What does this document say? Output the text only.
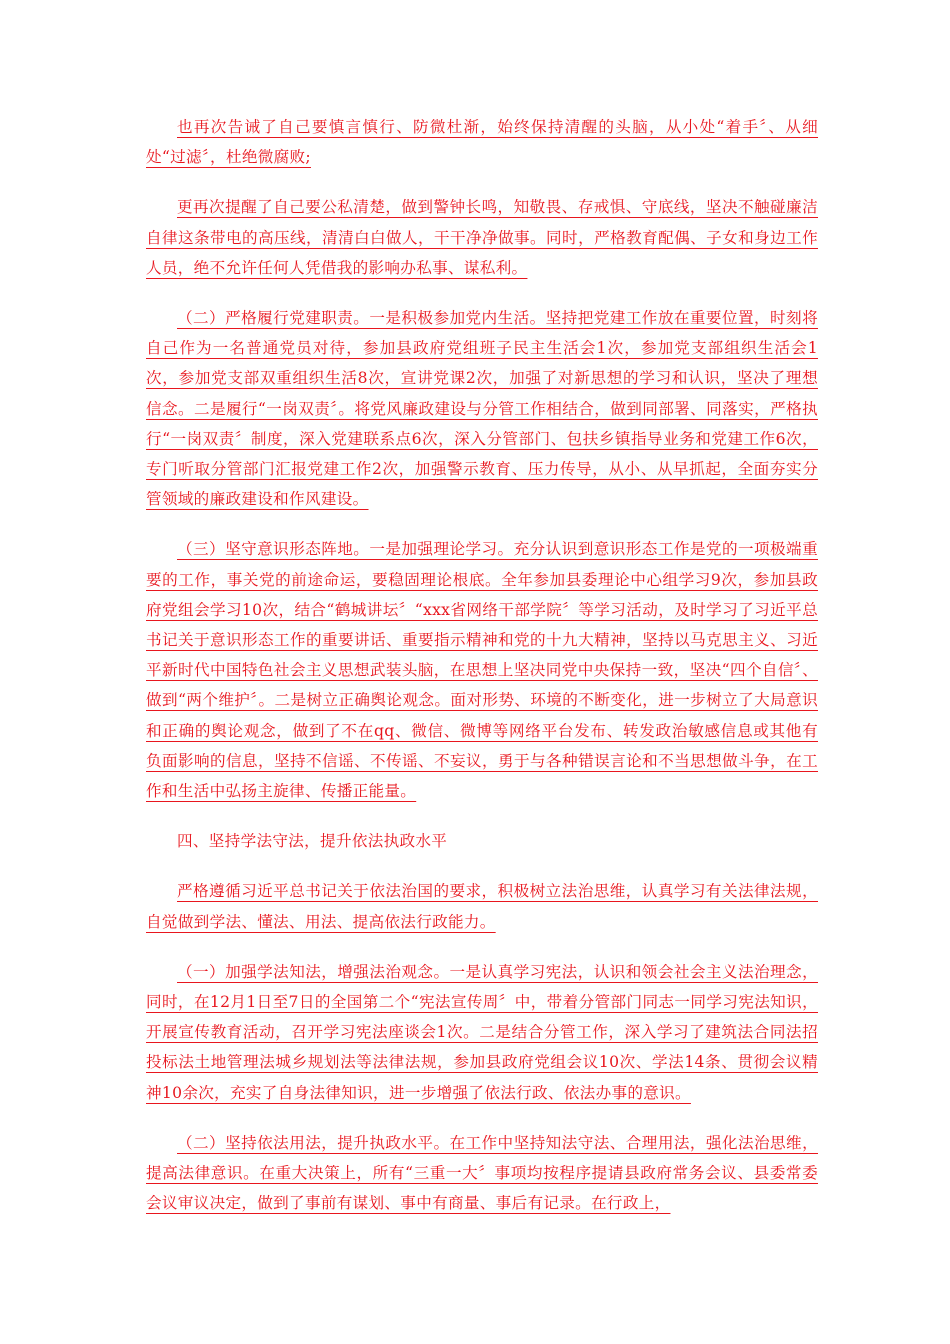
也再次告诫了自己要慎言慎行、防微杜渐，始终保持清醒的头脑，从小处“着手〞、从细处“过滤〞，杜绝微腐败;

更再次提醒了自己要公私清楚，做到警钟长鸣，知敬畏、存戒惧、守底线，坚决不触碰廉洁自律这条带电的高压线，清清白白做人，干干净净做事。同时，严格教育配偶、子女和身边工作人员，绝不允许任何人凭借我的影响办私事、谋私利。

（二）严格履行党建职责。一是积极参加党内生活。坚持把党建工作放在重要位置，时刻将自己作为一名普通党员对待，参加县政府党组班子民主生活会1次，参加党支部组织生活会1次，参加党支部双重组织生活8次，宣讲党课2次，加强了对新思想的学习和认识，坚决了理想信念。二是履行“一岗双责〞。将党风廉政建设与分管工作相结合，做到同部署、同落实，严格执行“一岗双责〞制度，深入党建联系点6次，深入分管部门、包扶乡镇指导业务和党建工作6次，专门听取分管部门汇报党建工作2次，加强警示教育、压力传导，从小、从早抓起，全面夯实分管领域的廉政建设和作风建设。

（三）坚守意识形态阵地。一是加强理论学习。充分认识到意识形态工作是党的一项极端重要的工作，事关党的前途命运，要稳固理论根底。全年参加县委理论中心组学习9次，参加县政府党组会学习10次，结合“鹤城讲坛〞“xxx省网络干部学院〞等学习活动，及时学习了习近平总书记关于意识形态工作的重要讲话、重要指示精神和党的十九大精神，坚持以马克思主义、习近平新时代中国特色社会主义思想武装头脑，在思想上坚决同党中央保持一致，坚决“四个自信〞、做到“两个维护〞。二是树立正确舆论观念。面对形势、环境的不断变化，进一步树立了大局意识和正确的舆论观念，做到了不在qq、微信、微博等网络平台发布、转发政治敏感信息或其他有负面影响的信息，坚持不信谣、不传谣、不妄议，勇于与各种错误言论和不当思想做斗争，在工作和生活中弘扬主旋律、传播正能量。

四、坚持学法守法，提升依法执政水平

严格遵循习近平总书记关于依法治国的要求，积极树立法治思维，认真学习有关法律法规，自觉做到学法、懂法、用法、提高依法行政能力。

（一）加强学法知法，增强法治观念。一是认真学习宪法，认识和领会社会主义法治理念，同时，在12月1日至7日的全国第二个“宪法宣传周〞中，带着分管部门同志一同学习宪法知识，开展宣传教育活动，召开学习宪法座谈会1次。二是结合分管工作，深入学习了建筑法合同法招投标法土地管理法城乡规划法等法律法规，参加县政府党组会议10次、学法14条、贯彻会议精神10余次，充实了自身法律知识，进一步增强了依法行政、依法办事的意识。

（二）坚持依法用法，提升执政水平。在工作中坚持知法守法、合理用法，强化法治思维，提高法律意识。在重大决策上，所有“三重一大〞事项均按程序提请县政府常务会议、县委常委会议审议决定，做到了事前有谋划、事中有商量、事后有记录。在行政上，
